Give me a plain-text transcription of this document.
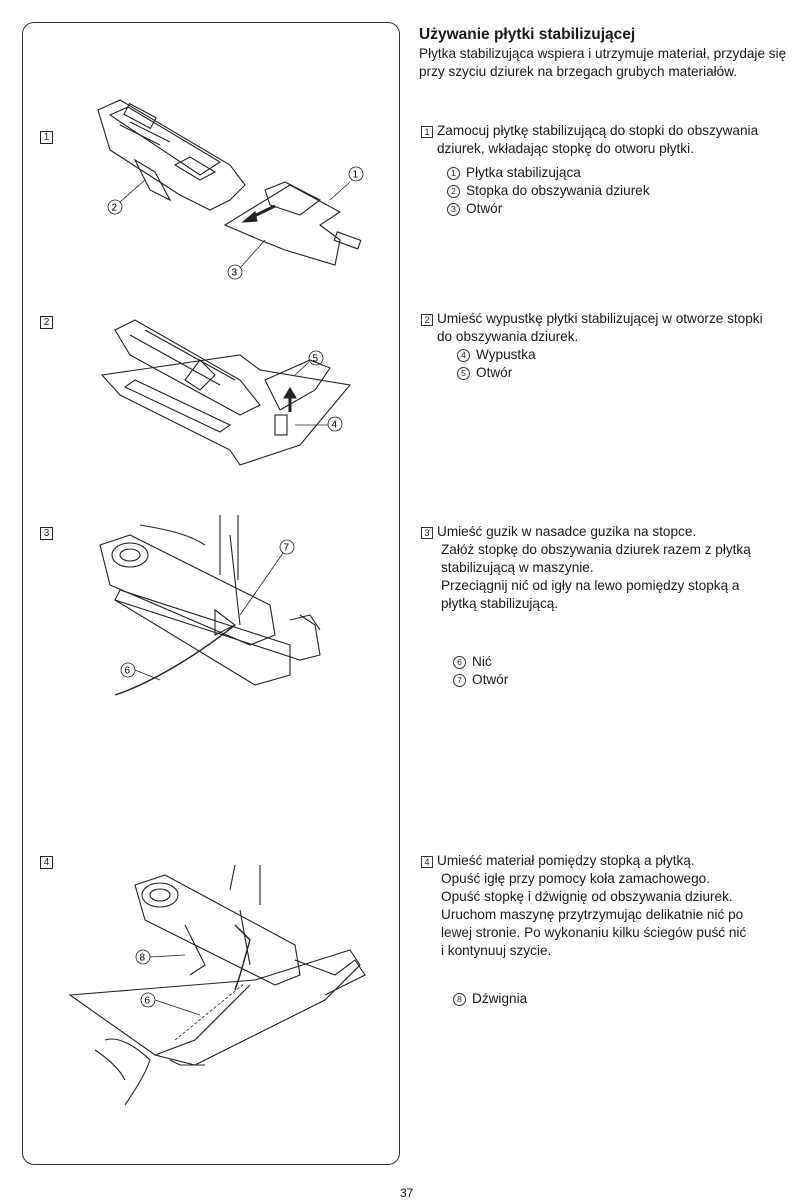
1
2
3
4
1
2
3
5
4
7
6
8
6
Używanie płytki stabilizującej
Płytka stabilizująca wspiera i utrzymuje materiał, przydaje się przy szyciu dziurek na brzegach grubych materiałów.
1 Zamocuj płytkę stabilizującą do stopki do obszywania
dziurek, wkładając stopkę do otworu płytki.
1 Płytka stabilizująca
2 Stopka do obszywania dziurek
3 Otwór
2 Umieść wypustkę płytki stabilizującej w otworze stopki
do obszywania dziurek.
4 Wypustka
5 Otwór
3 Umieść guzik w nasadce guzika na stopce.
Załóż stopkę do obszywania dziurek razem z płytką
stabilizującą w maszynie.
Przeciągnij nić od igły na lewo pomiędzy stopką a
płytką stabilizującą.
6 Nić
7 Otwór
4 Umieść materiał pomiędzy stopką a płytką.
Opuść igłę przy pomocy koła zamachowego.
Opuść stopkę i dźwignię od obszywania dziurek.
Uruchom maszynę przytrzymując delikatnie nić po
lewej stronie. Po wykonaniu kilku ściegów puść nić
i kontynuuj szycie.
8 Dźwignia
37
